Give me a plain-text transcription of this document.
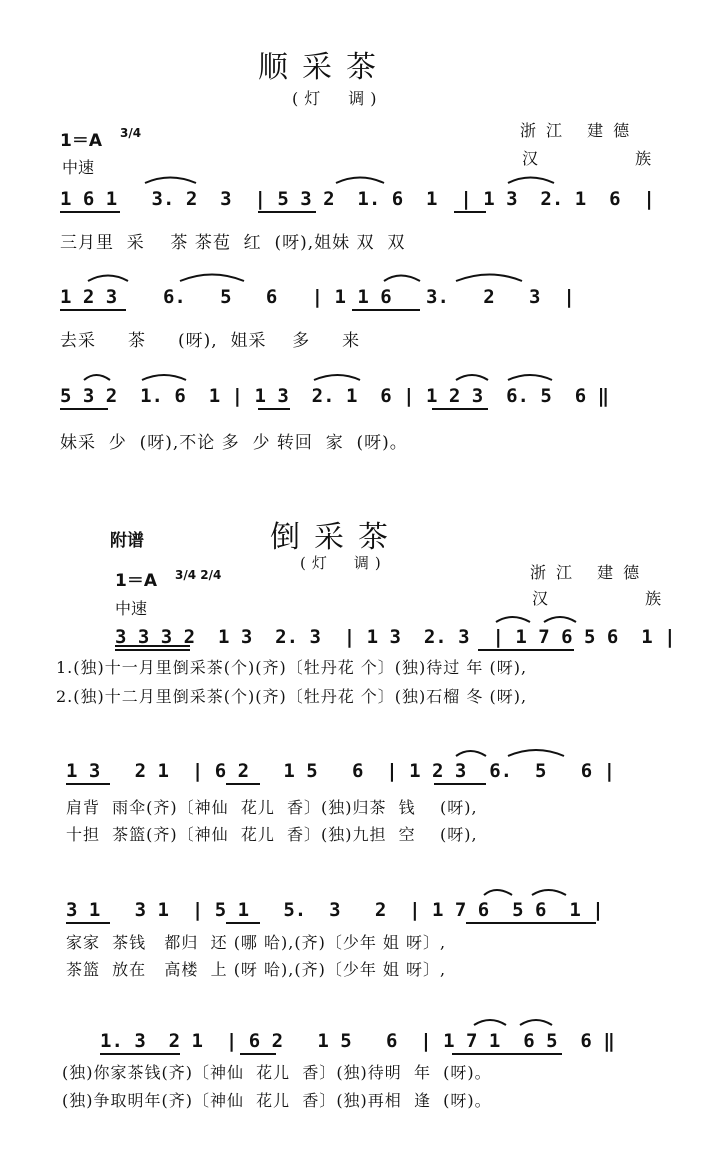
顺采茶
(灯　调)
1＝A 3/4
中速
浙江 建德
汉 族
1 6 1   3. 2  3  | 5 3 2  1. 6  1  | 1 3  2. 1  6  |
三月里  采    茶 茶苞  红  (呀),姐妹 双  双
1 2 3    6.   5   6   | 1 1 6   3.   2   3  |
去采     茶     (呀),  姐采    多     来
5 3 2  1. 6  1 | 1 3  2. 1  6 | 1 2 3  6. 5  6 ‖
妹采  少  (呀),不论 多  少 转回  家  (呀)。
附谱	倒采茶
(灯　调)
1＝A 3/4 2/4
中速
浙江 建德
汉 族
3 3 3 2  1 3  2. 3  | 1 3  2. 3  | 1 7 6 5 6  1 |
1.(独)十一月里倒采茶(个)(齐)〔牡丹花 个〕(独)待过 年 (呀),
2.(独)十二月里倒采茶(个)(齐)〔牡丹花 个〕(独)石榴 冬 (呀),
1 3   2 1  | 6 2   1 5   6  | 1 2 3  6.  5   6 |
肩背  雨伞(齐)〔神仙  花儿  香〕(独)归茶  钱    (呀),
十担  茶篮(齐)〔神仙  花儿  香〕(独)九担  空    (呀),
3 1   3 1  | 5 1   5.  3   2  | 1 7 6  5 6  1 |
家家  茶钱   都归  还 (哪 哈),(齐)〔少年 姐 呀〕,
茶篮  放在   高楼  上 (呀 哈),(齐)〔少年 姐 呀〕,
1. 3  2 1  | 6 2   1 5   6  | 1 7 1  6 5  6 ‖
(独)你家茶钱(齐)〔神仙  花儿  香〕(独)待明  年  (呀)。
(独)争取明年(齐)〔神仙  花儿  香〕(独)再相  逢  (呀)。
